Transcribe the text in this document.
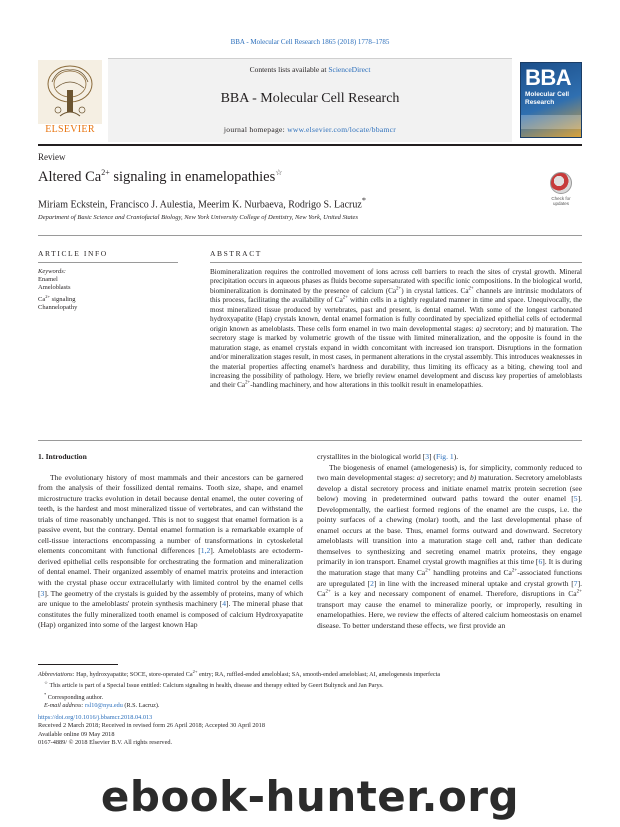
BBA - Molecular Cell Research 1865 (2018) 1778–1785
ELSEVIER
Contents lists available at ScienceDirect
BBA - Molecular Cell Research
journal homepage: www.elsevier.com/locate/bbamcr
BBA
Molecular Cell Research
Review
Altered $Ca^{2+}$ signaling in enamelopathies☆
Check for updates
Miriam Eckstein, Francisco J. Aulestia, Meerim K. Nurbaeva, Rodrigo S. Lacruz*
Department of Basic Science and Craniofacial Biology, New York University College of Dentistry, New York, United States
ARTICLE INFO	ABSTRACT
Keywords:
Enamel
Ameloblasts
$Ca^{2+}$ signaling
Channelopathy
Biomineralization requires the controlled movement of ions across cell barriers to reach the sites of crystal growth. Mineral precipitation occurs in aqueous phases as fluids become supersaturated with specific ionic compositions. In the biological world, biomineralization is dominated by the presence of calcium $(Ca^{2+})$ in crystal lattices. $Ca^{2+}$ channels are intrinsic modulators of this process, facilitating the availability of $Ca^{2+}$ within cells in a tightly regulated manner in time and space. Unequivocally, the most mineralized tissue produced by vertebrates, past and present, is dental enamel. With some of the longest carbonated hydroxyapatite (Hap) crystals known, dental enamel formation is fully coordinated by specialized epithelial cells of ectodermal origin known as ameloblasts. These cells form enamel in two main developmental stages: a) secretory; and b) maturation. The secretory stage is marked by volumetric growth of the tissue with limited mineralization, and the opposite is found in the maturation stage, as enamel crystals expand in width concomitant with increased ion transport. Disruptions in the formation and/or mineralization stages result, in most cases, in permanent alterations in the crystal assembly. This introduces weaknesses in the material properties affecting enamel's hardness and durability, thus limiting its efficacy as a biting, chewing tool and increasing the possibility of pathology. Here, we briefly review enamel development and discuss key properties of ameloblasts and their $Ca^{2+}$-handling machinery, and how alterations in this toolkit result in enamelopathies.

1. Introduction

The evolutionary history of most mammals and their ancestors can be garnered from the analysis of their fossilized dental remains. Tooth size, shape, and enamel microstructure tracks evolution in detail because dental enamel, the outer covering of teeth, is the hardest and most mineralized tissue of vertebrates, and can withstand the trials of time reasonably unchanged. This is not to suggest that enamel formation is a passive event, but the contrary. Dental enamel formation is a remarkable example of cell-tissue interactions encompassing a number of transformations in cytoskeletal elements concomitant with functional differences [1,2]. Ameloblasts are ectoderm-derived epithelial cells responsible for orchestrating the formation and mineralization of dental enamel. Their organized assembly of enamel matrix proteins and interaction with the crystal phase occur extracellularly with limited control by the enamel cells [3]. The geometry of the crystals is guided by the assembly of proteins, many of which are unique to the ameloblasts' protein synthesis machinery [4]. The mineral phase that constitutes the fully mineralized tooth enamel is composed of calcium Hydroxyapatite (Hap) organized into some of the largest known Hap

crystallites in the biological world [3] (Fig. 1).

The biogenesis of enamel (amelogenesis) is, for simplicity, commonly reduced to two main developmental stages: a) secretory; and b) maturation. Secretory ameloblasts develop a distal secretory process and initiate enamel matrix protein secretion (see below) moving in predetermined outward paths toward the outer enamel [5]. Developmentally, the earliest formed regions of the enamel are the cusps, i.e. the pointy surfaces of a chewing (molar) tooth, and the last developmental phase of enamel occurs at the base. Thus, enamel forms outward and downward. Secretory ameloblasts will transition into a maturation stage cell and, rather than dedicate themselves to synthesizing and secreting enamel matrix proteins, they engage primarily in ion transport. Enamel crystal growth magnifies at this time [6]. It is during the maturation stage that many $Ca^{2+}$ handling proteins and $Ca^{2+}$-associated functions are upregulated [2] in line with the increased mineral uptake and crystal growth [7]. $Ca^{2+}$ is a key and necessary component of enamel. Therefore, disruptions in $Ca^{2+}$ transport may cause the enamel to mineralize poorly, or improperly, resulting in enamelopathies. Here, we review the effects of altered calcium homeostasis on enamel disease. To better understand these effects, we first provide an

Abbreviations: Hap, hydroxyapatite; SOCE, store-operated $Ca^{2+}$ entry; RA, ruffled-ended ameloblast; SA, smooth-ended ameloblast; AI, amelogenesis imperfecta
☆ This article is part of a Special Issue entitled: Calcium signaling in health, disease and therapy edited by Geert Bultynck and Jan Parys.
* Corresponding author.
E-mail address: rsl10@nyu.edu (R.S. Lacruz).
https://doi.org/10.1016/j.bbamcr.2018.04.013
Received 2 March 2018; Received in revised form 26 April 2018; Accepted 30 April 2018
Available online 09 May 2018
0167-4889/ © 2018 Elsevier B.V. All rights reserved.
ebook-hunter.org
